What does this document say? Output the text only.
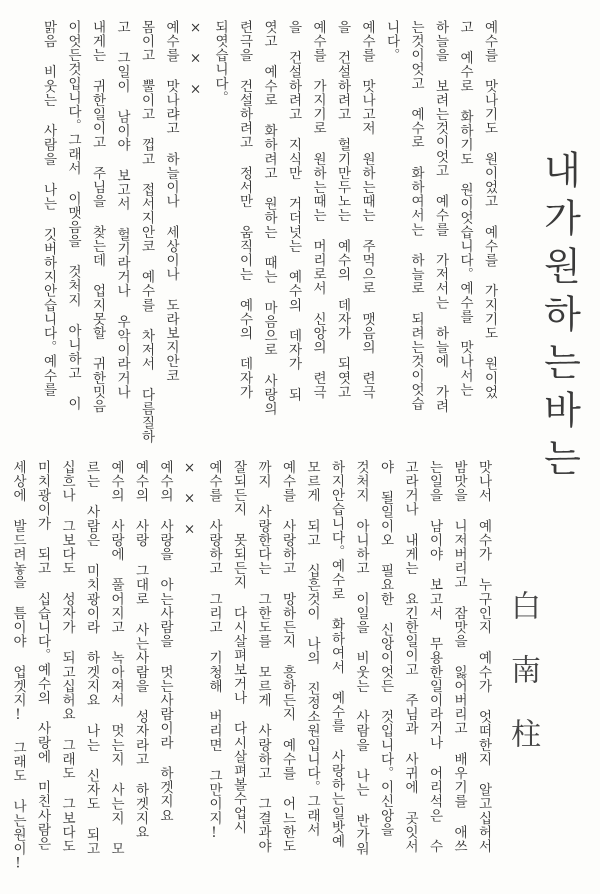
예수를 맛나기도 원이었고 예수를 가지기도 원이었
고 예수로 화하기도 원이엇습니다。예수를 맛나서는
하늘을 보려는것이엇고 예수를 가저서는 하늘에 가려
는것이엇고 예수로 화하여서는 하늘로 되려는것이엇습
니다。
예수를 맛나고저 원하는때는 주먹으로 맷음의 련극
을 건설하려고 헐기만두노는 예수의 데자가 되엿고
예수를 가지기로 원하는때는 머리로서 신앙의 련극
을 건설하려고 지식만 거더넛는 예수의 데자가 되
엿고 예수로 화하려고 원하는 때는 마음으로 사랑의
련극을 건설하려고 정서만 움직이는 예수의 데자가
되엿습니다。
×　×　×
예수를 맛나랴고 하늘이나 세상이나 도라보지안코
몸이고 뿔이고 껍고 접서지안코 예수를 차저서 다름질하
고 그일이 남이야 보고서 헐기라거나 우악이라거나
내게는 귀한일이고 주님을 찾는데 업지못할 귀한밋음
이엇든것입니다。그래서 이맷음을 것처지 아니하고 이
맑음 비웃는 사람을 나는 깃버하지안습니다。예수를	내가원하는바는
白南柱
맛나서 예수가 누구인지 예수가 엇떠한지 알고십허서
밤맛을 니저버리고 잠맛을 잃어버리고 배우기를 애쓰
는일을 남이야 보고서 무용한일이라거나 어리석은 수
고라거나 내게는 요긴한일이고 주님과 사귀에 곳잇서
야 될일이오 필요한 신앙이엇든 것입니다。이신앙을
것처지 아니하고 이일을 비웃는 사람을 나는 반가워
하지안습니다。예수로 화하여서 예수를 사랑하는일밧예
모르게 되고 십흔것이 나의 진정소원입니다。그래서
예수를 사랑하고 망하든지 흥하든지 예수를 어느한도
까지 사랑한다는 그한도를 모르게 사랑하고 그결과야
잘되든지 못되든지 다시살펴보거나 다시살펴볼수업시
예수를 사랑하고 그리고 기청해 버리면 그만이지!
×　×　×
예수의 사랑을 아는사람을 멋는사람이라 하겟지요
예수의 사랑 그대로 사는사람을 성자라고 하겟지요
예수의 사랑에 풀어지고 녹아져서 멋는지 사는지 모
르는 사람은 미치광이라 하겟지요 나는 신자도 되고
십흐나 그보다도 성자가 되고십허요 그래도 그보다도
미치광이가 되고 십습니다。예수의 사랑에 미친사람은
세상에 발드려놓을 틈이야 업겟지! 그래도 나는원이!
